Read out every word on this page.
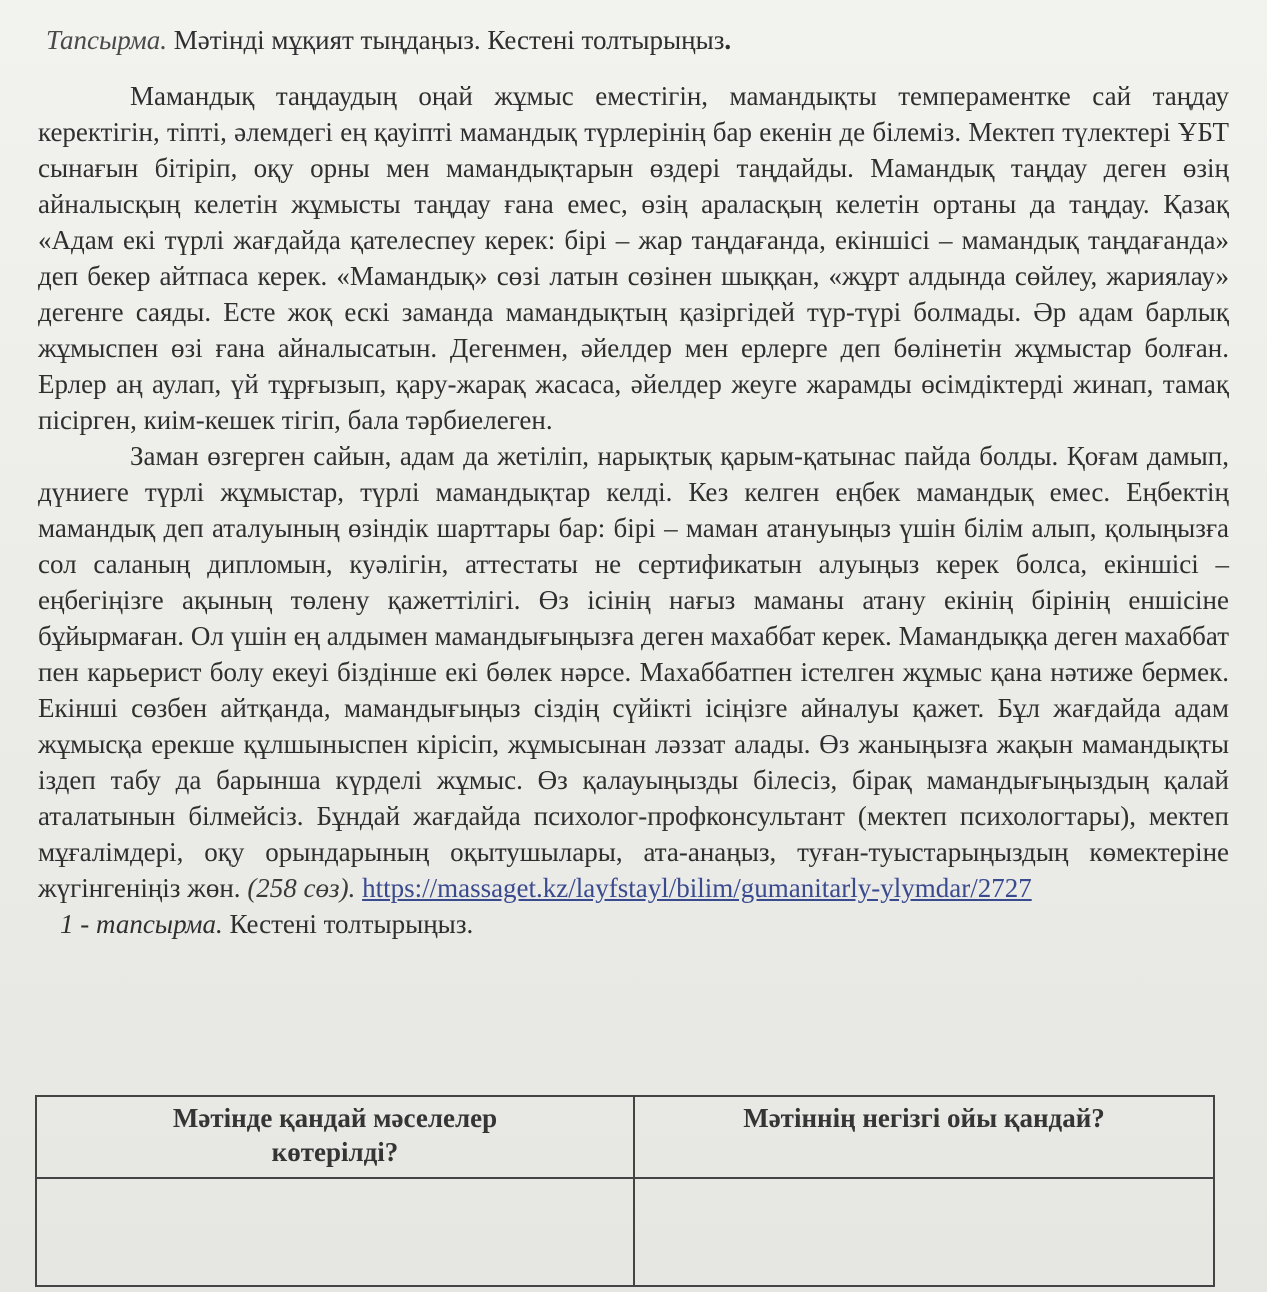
Тапсырма. Мәтінді мұқият тыңдаңыз. Кестені толтырыңыз.

Мамандық таңдаудың оңай жұмыс еместігін, мамандықты темпераментке сай таңдау керектігін, тіпті, әлемдегі ең қауіпті мамандық түрлерінің бар екенін де білеміз. Мектеп түлектері ҰБТ сынағын бітіріп, оқу орны мен мамандықтарын өздері таңдайды. Мамандық таңдау деген өзің айналысқың келетін жұмысты таңдау ғана емес, өзің араласқың келетін ортаны да таңдау. Қазақ «Адам екі түрлі жағдайда қателеспеу керек: бірі – жар таңдағанда, екіншісі – мамандық таңдағанда» деп бекер айтпаса керек. «Мамандық» сөзі латын сөзінен шыққан, «жұрт алдында сөйлеу, жариялау» дегенге саяды. Есте жоқ ескі заманда мамандықтың қазіргідей түр-түрі болмады. Әр адам барлық жұмыспен өзі ғана айналысатын. Дегенмен, әйелдер мен ерлерге деп бөлінетін жұмыстар болған. Ерлер аң аулап, үй тұрғызып, қару-жарақ жасаса, әйелдер жеуге жарамды өсімдіктерді жинап, тамақ пісірген, киім-кешек тігіп, бала тәрбиелеген.

Заман өзгерген сайын, адам да жетіліп, нарықтық қарым-қатынас пайда болды. Қоғам дамып, дүниеге түрлі жұмыстар, түрлі мамандықтар келді. Кез келген еңбек мамандық емес. Еңбектің мамандық деп аталуының өзіндік шарттары бар: бірі – маман атануыңыз үшін білім алып, қолыңызға сол саланың дипломын, куәлігін, аттестаты не сертификатын алуыңыз керек болса, екіншісі – еңбегіңізге ақының төлену қажеттілігі. Өз ісінің нағыз маманы атану екінің бірінің еншісіне бұйырмаған. Ол үшін ең алдымен мамандығыңызға деген махаббат керек. Мамандыққа деген махаббат пен карьерист болу екеуі біздінше екі бөлек нәрсе. Махаббатпен істелген жұмыс қана нәтиже бермек. Екінші сөзбен айтқанда, мамандығыңыз сіздің сүйікті ісіңізге айналуы қажет. Бұл жағдайда адам жұмысқа ерекше құлшыныспен кірісіп, жұмысынан ләззат алады. Өз жаныңызға жақын мамандықты іздеп табу да барынша күрделі жұмыс. Өз қалауыңызды білесіз, бірақ мамандығыңыздың қалай аталатынын білмейсіз. Бұндай жағдайда психолог-профконсультант (мектеп психологтары), мектеп мұғалімдері, оқу орындарының оқытушылары, ата-анаңыз, туған-туыстарыңыздың көмектеріне жүгінгеніңіз жөн. (258 сөз). https://massaget.kz/layfstayl/bilim/gumanitarly-ylymdar/2727

1 - тапсырма. Кестені толтырыңыз.
Мәтінде қандай мәселелер көтерілді?	Мәтіннің негізгі ойы қандай?
